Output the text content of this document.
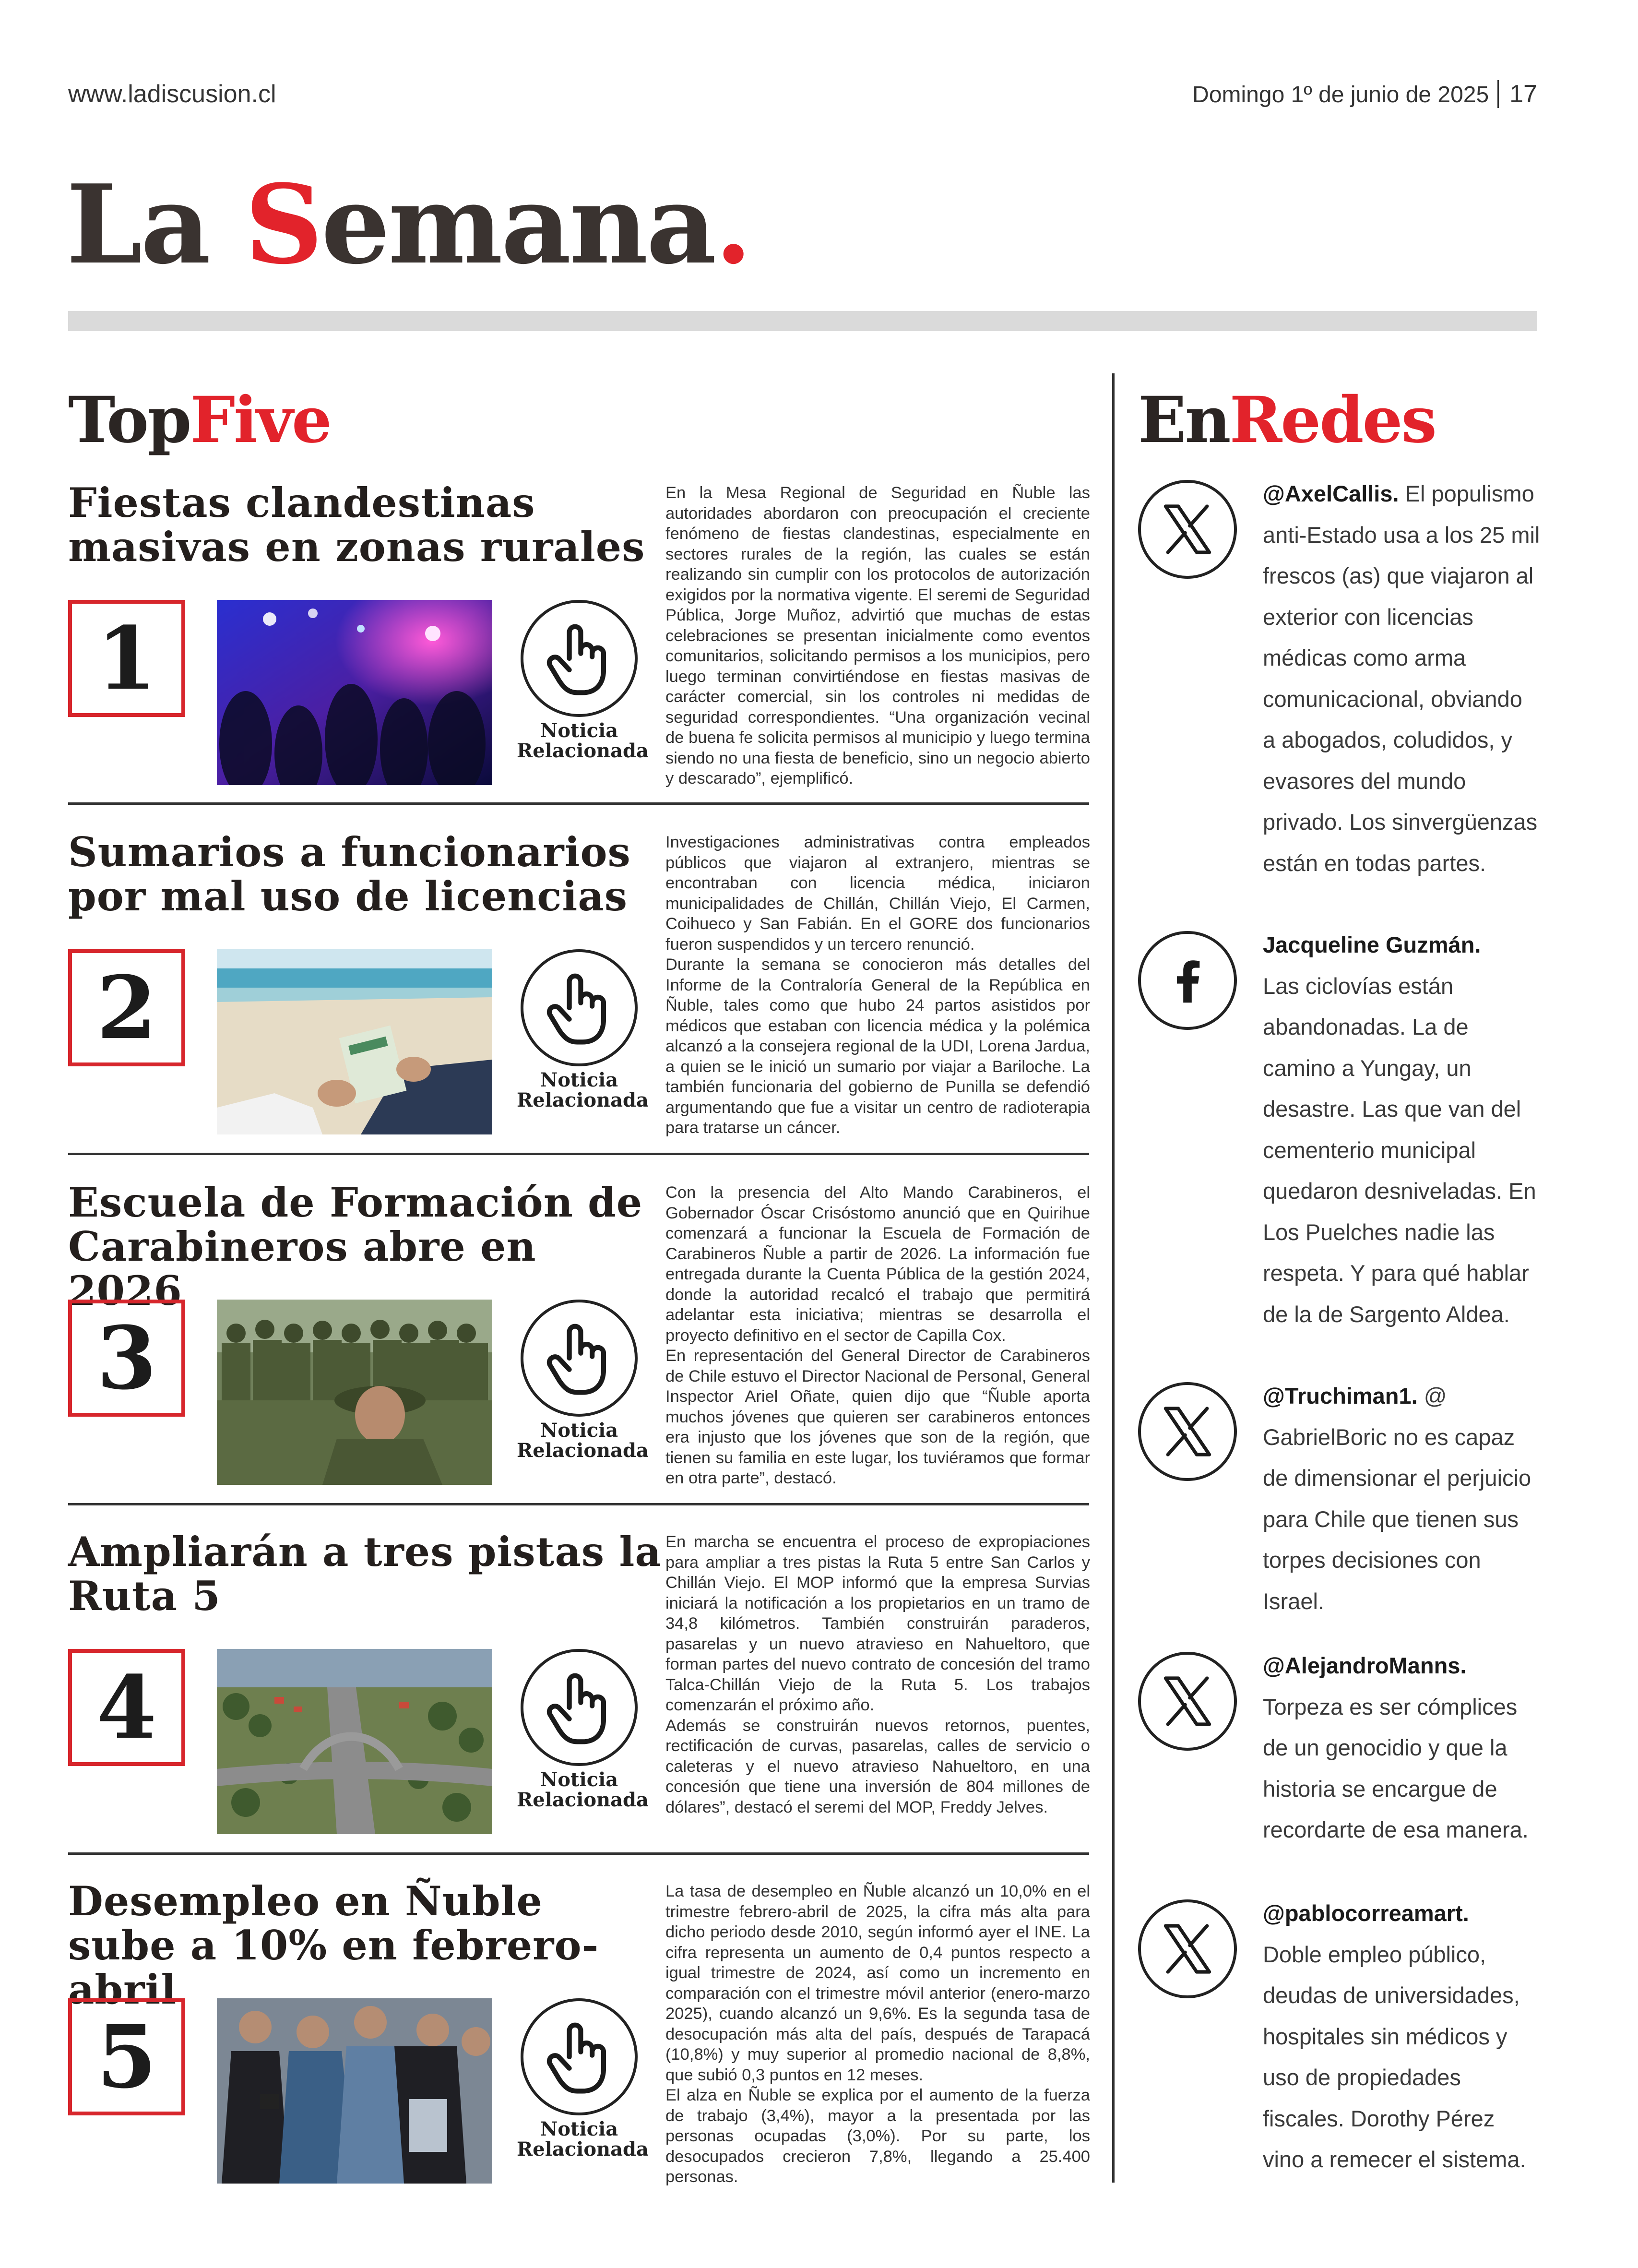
www.ladiscusion.cl	Domingo 1º de junio de 2025 17
La Semana.
TopFive
Fiestas clandestinas masivas en zonas rurales
1
Noticia
Relacionada

En la Mesa Regional de Seguridad en Ñuble las autoridades abordaron con preocupación el creciente fenómeno de fiestas clandestinas, especialmente en sectores rurales de la región, las cuales se están realizando sin cumplir con los protocolos de autorización exigidos por la normativa vigente. El seremi de Seguridad Pública, Jorge Muñoz, advirtió que muchas de estas celebraciones se presentan inicialmente como eventos comunitarios, solicitando permisos a los municipios, pero luego terminan convirtiéndose en fiestas masivas de carácter comercial, sin los controles ni medidas de seguridad correspondientes. “Una organización vecinal de buena fe solicita permisos al municipio y luego termina siendo no una fiesta de beneficio, sino un negocio abierto y descarado”, ejemplificó.

Sumarios a funcionarios por mal uso de licencias
2
Noticia
Relacionada

Investigaciones administrativas contra empleados públicos que viajaron al extranjero, mientras se encontraban con licencia médica, iniciaron municipalidades de Chillán, Chillán Viejo, El Carmen, Coihueco y San Fabián. En el GORE dos funcionarios fueron suspendidos y un tercero renunció.

Durante la semana se conocieron más detalles del Informe de la Contraloría General de la República en Ñuble, tales como que hubo 24 partos asistidos por médicos que estaban con licencia médica y la polémica alcanzó a la consejera regional de la UDI, Lorena Jardua, a quien se le inició un sumario por viajar a Bariloche. La también funcionaria del gobierno de Punilla se defendió argumentando que fue a visitar un centro de radioterapia para tratarse un cáncer.

Escuela de Formación de Carabineros abre en 2026
3
Noticia
Relacionada

Con la presencia del Alto Mando Carabineros, el Gobernador Óscar Crisóstomo anunció que en Quirihue comenzará a funcionar la Escuela de Formación de Carabineros Ñuble a partir de 2026. La información fue entregada durante la Cuenta Pública de la gestión 2024, donde la autoridad recalcó el trabajo que permitirá adelantar esta iniciativa; mientras se desarrolla el proyecto definitivo en el sector de Capilla Cox.

En representación del General Director de Carabineros de Chile estuvo el Director Nacional de Personal, General Inspector Ariel Oñate, quien dijo que “Ñuble aporta muchos jóvenes que quieren ser carabineros entonces era injusto que los jóvenes que son de la región, que tienen su familia en este lugar, los tuviéramos que formar en otra parte”, destacó.

Ampliarán a tres pistas la Ruta 5
4
Noticia
Relacionada

En marcha se encuentra el proceso de expropiaciones para ampliar a tres pistas la Ruta 5 entre San Carlos y Chillán Viejo. El MOP informó que la empresa Survias iniciará la notificación a los propietarios en un tramo de 34,8 kilómetros. También construirán paraderos, pasarelas y un nuevo atravieso en Nahueltoro, que forman partes del nuevo contrato de concesión del tramo Talca-Chillán Viejo de la Ruta 5. Los trabajos comenzarán el próximo año.

Además se construirán nuevos retornos, puentes, rectificación de curvas, pasarelas, calles de servicio o caleteras y el nuevo atravieso Nahueltoro, en una concesión que tiene una inversión de 804 millones de dólares”, destacó el seremi del MOP, Freddy Jelves.

Desempleo en Ñuble sube a 10% en febrero-abril
5
Noticia
Relacionada

La tasa de desempleo en Ñuble alcanzó un 10,0% en el trimestre febrero-abril de 2025, la cifra más alta para dicho periodo desde 2010, según informó ayer el INE. La cifra representa un aumento de 0,4 puntos respecto a igual trimestre de 2024, así como un incremento en comparación con el trimestre móvil anterior (enero-marzo 2025), cuando alcanzó un 9,6%. Es la segunda tasa de desocupación más alta del país, después de Tarapacá (10,8%) y muy superior al promedio nacional de 8,8%, que subió 0,3 puntos en 12 meses.

El alza en Ñuble se explica por el aumento de la fuerza de trabajo (3,4%), mayor a la presentada por las personas ocupadas (3,0%). Por su parte, los desocupados crecieron 7,8%, llegando a 25.400 personas.

EnRedes
@AxelCallis. El populismo anti-Estado usa a los 25 mil frescos (as) que viajaron al exterior con licencias médicas como arma comunicacional, obviando a abogados, coludidos, y evasores del mundo privado. Los sinvergüenzas están en todas partes.
Jacqueline Guzmán.
Las ciclovías están abandonadas. La de camino a Yungay, un desastre. Las que van del cementerio municipal quedaron desniveladas. En Los Puelches nadie las respeta. Y para qué hablar de la de Sargento Aldea.
@Truchiman1. @ GabrielBoric no es capaz de dimensionar el perjuicio para Chile que tienen sus torpes decisiones con Israel.
@AlejandroManns.
Torpeza es ser cómplices de un genocidio y que la historia se encargue de recordarte de esa manera.
@pablocorreamart.
Doble empleo público, deudas de universidades, hospitales sin médicos y uso de propiedades fiscales. Dorothy Pérez vino a remecer el sistema.
